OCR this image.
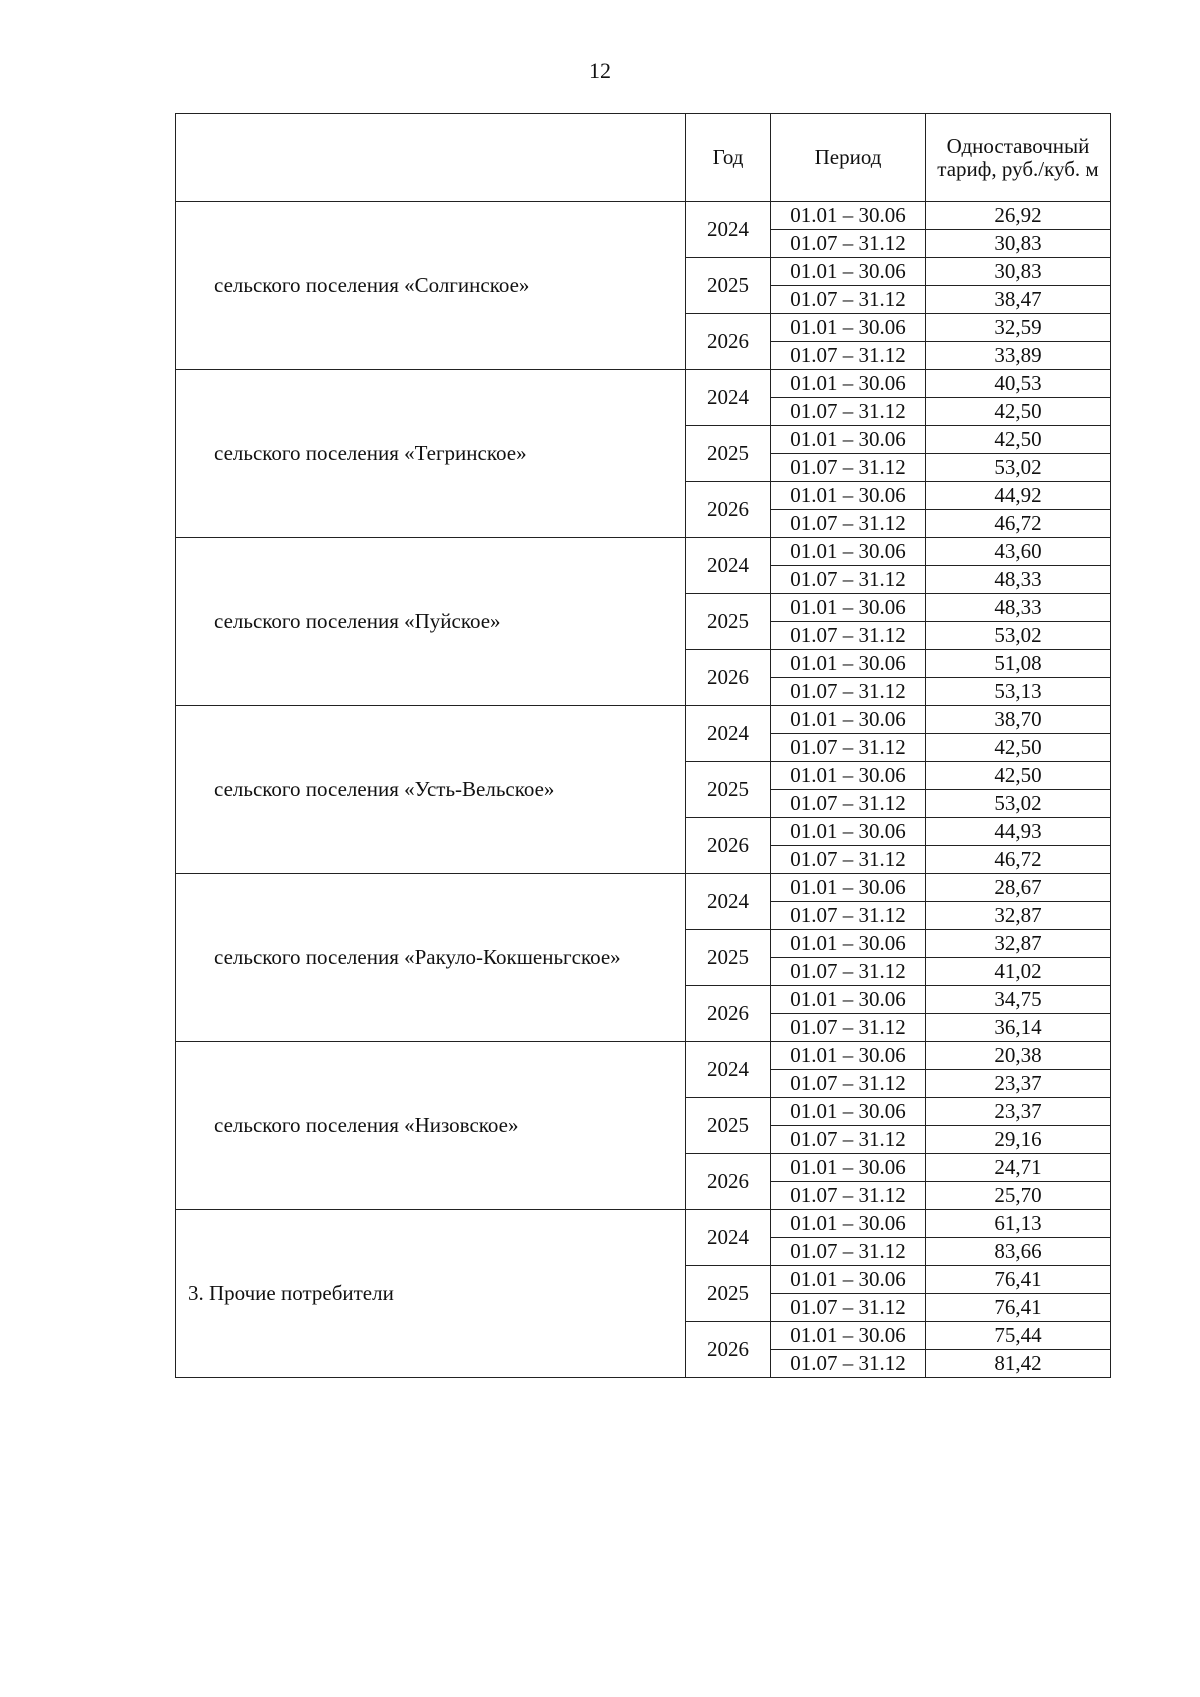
12
	Год	Период	Одноставочный тариф, руб./куб. м
сельского поселения «Солгинское»	2024	01.01 – 30.06	26,92
		01.07 – 31.12	30,83
	2025	01.01 – 30.06	30,83
		01.07 – 31.12	38,47
	2026	01.01 – 30.06	32,59
		01.07 – 31.12	33,89
сельского поселения «Тегринское»	2024	01.01 – 30.06	40,53
		01.07 – 31.12	42,50
	2025	01.01 – 30.06	42,50
		01.07 – 31.12	53,02
	2026	01.01 – 30.06	44,92
		01.07 – 31.12	46,72
сельского поселения «Пуйское»	2024	01.01 – 30.06	43,60
		01.07 – 31.12	48,33
	2025	01.01 – 30.06	48,33
		01.07 – 31.12	53,02
	2026	01.01 – 30.06	51,08
		01.07 – 31.12	53,13
сельского поселения «Усть-Вельское»	2024	01.01 – 30.06	38,70
		01.07 – 31.12	42,50
	2025	01.01 – 30.06	42,50
		01.07 – 31.12	53,02
	2026	01.01 – 30.06	44,93
		01.07 – 31.12	46,72
сельского поселения «Ракуло-Кокшеньгское»	2024	01.01 – 30.06	28,67
		01.07 – 31.12	32,87
	2025	01.01 – 30.06	32,87
		01.07 – 31.12	41,02
	2026	01.01 – 30.06	34,75
		01.07 – 31.12	36,14
сельского поселения «Низовское»	2024	01.01 – 30.06	20,38
		01.07 – 31.12	23,37
	2025	01.01 – 30.06	23,37
		01.07 – 31.12	29,16
	2026	01.01 – 30.06	24,71
		01.07 – 31.12	25,70
3. Прочие потребители	2024	01.01 – 30.06	61,13
		01.07 – 31.12	83,66
	2025	01.01 – 30.06	76,41
		01.07 – 31.12	76,41
	2026	01.01 – 30.06	75,44
		01.07 – 31.12	81,42
